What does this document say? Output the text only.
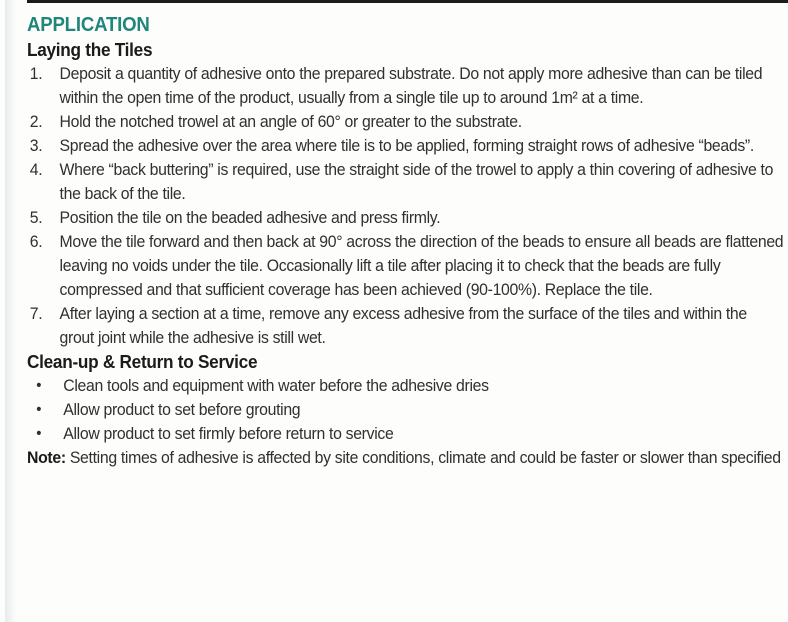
APPLICATION
Laying the Tiles
1.	Deposit a quantity of adhesive onto the prepared substrate. Do not apply more adhesive than can be tiled within the open time of the product, usually from a single tile up to around 1m² at a time.
2.	Hold the notched trowel at an angle of 60° or greater to the substrate.
3.	Spread the adhesive over the area where tile is to be applied, forming straight rows of adhesive “beads”.
4.	Where “back buttering” is required, use the straight side of the trowel to apply a thin covering of adhesive to the back of the tile.
5.	Position the tile on the beaded adhesive and press firmly.
6.	Move the tile forward and then back at 90° across the direction of the beads to ensure all beads are flattened leaving no voids under the tile. Occasionally lift a tile after placing it to check that the beads are fully compressed and that sufficient coverage has been achieved (90-100%). Replace the tile.
7.	After laying a section at a time, remove any excess adhesive from the surface of the tiles and within the grout joint while the adhesive is still wet.
Clean-up & Return to Service
•	Clean tools and equipment with water before the adhesive dries
•	Allow product to set before grouting
•	Allow product to set firmly before return to service

Note: Setting times of adhesive is affected by site conditions, climate and could be faster or slower than specified
